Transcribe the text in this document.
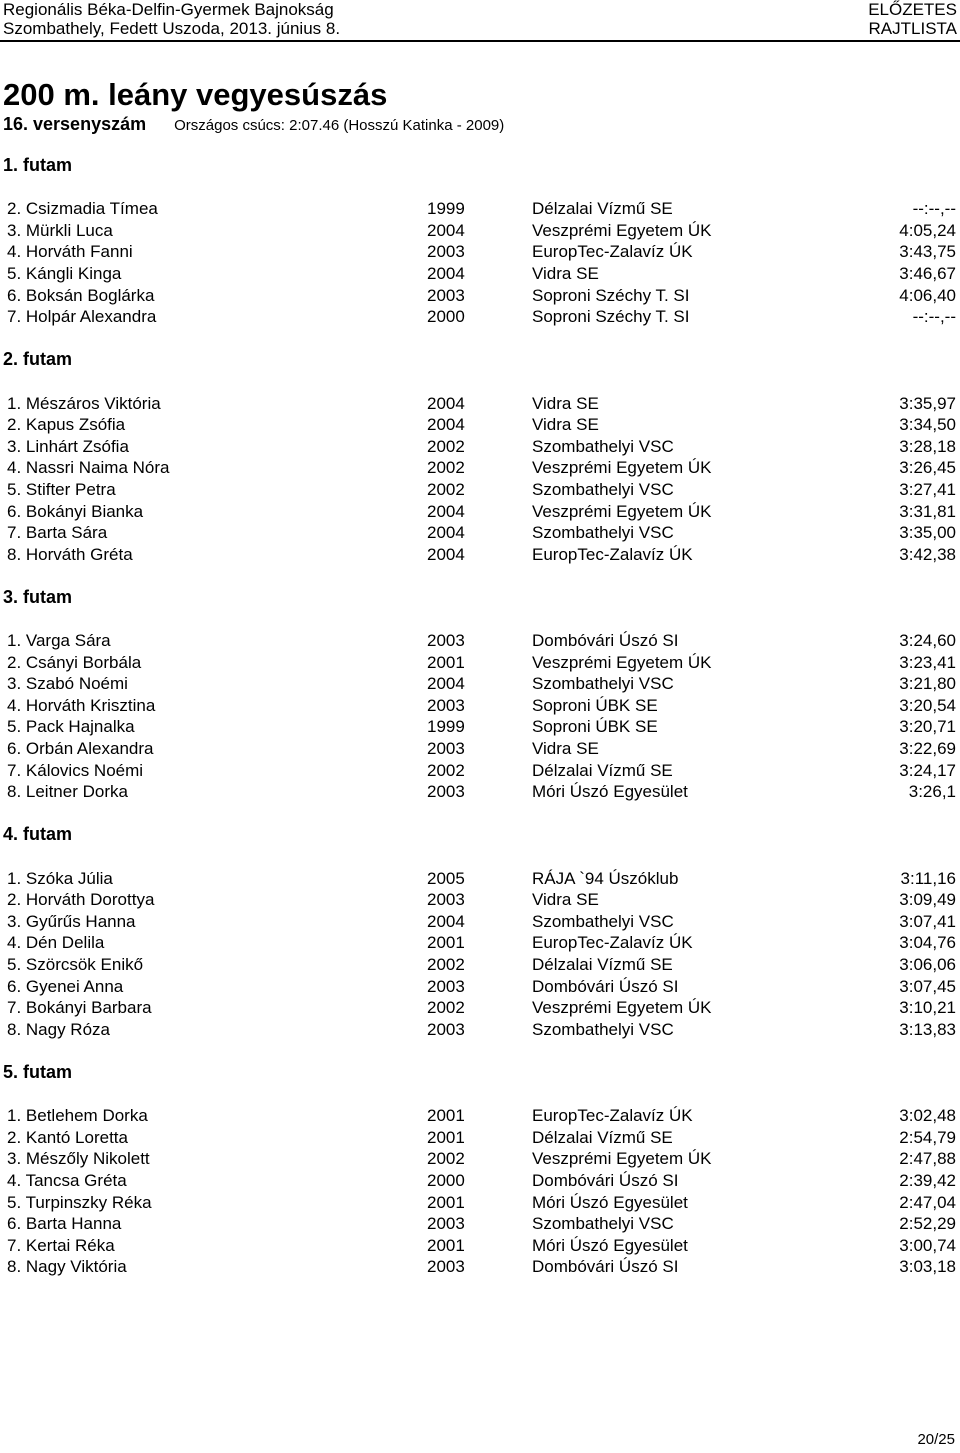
Regionális Béka-Delfin-Gyermek Bajnokság
Szombathely, Fedett Uszoda, 2013. június 8.
ELŐZETES
RAJTLISTA
200 m. leány vegyesúszás
16. versenyszám Országos csúcs: 2:07.46 (Hosszú Katinka - 2009)
1. futam
2. Csizmadia Tímea	1999	Délzalai Vízmű SE	--:--,--
3. Mürkli Luca	2004	Veszprémi Egyetem ÚK	4:05,24
4. Horváth Fanni	2003	EuropTec-Zalavíz ÚK	3:43,75
5. Kángli Kinga	2004	Vidra SE	3:46,67
6. Boksán Boglárka	2003	Soproni Széchy T. SI	4:06,40
7. Holpár Alexandra	2000	Soproni Széchy T. SI	--:--,--
2. futam
1. Mészáros Viktória	2004	Vidra SE	3:35,97
2. Kapus Zsófia	2004	Vidra SE	3:34,50
3. Linhárt Zsófia	2002	Szombathelyi VSC	3:28,18
4. Nassri Naima Nóra	2002	Veszprémi Egyetem ÚK	3:26,45
5. Stifter Petra	2002	Szombathelyi VSC	3:27,41
6. Bokányi Bianka	2004	Veszprémi Egyetem ÚK	3:31,81
7. Barta Sára	2004	Szombathelyi VSC	3:35,00
8. Horváth Gréta	2004	EuropTec-Zalavíz ÚK	3:42,38
3. futam
1. Varga Sára	2003	Dombóvári Úszó SI	3:24,60
2. Csányi Borbála	2001	Veszprémi Egyetem ÚK	3:23,41
3. Szabó Noémi	2004	Szombathelyi VSC	3:21,80
4. Horváth Krisztina	2003	Soproni ÚBK SE	3:20,54
5. Pack Hajnalka	1999	Soproni ÚBK SE	3:20,71
6. Orbán Alexandra	2003	Vidra SE	3:22,69
7. Kálovics Noémi	2002	Délzalai Vízmű SE	3:24,17
8. Leitner Dorka	2003	Móri Úszó Egyesület	3:26,1
4. futam
1. Szóka Júlia	2005	RÁJA `94 Úszóklub	3:11,16
2. Horváth Dorottya	2003	Vidra SE	3:09,49
3. Gyűrűs Hanna	2004	Szombathelyi VSC	3:07,41
4. Dén Delila	2001	EuropTec-Zalavíz ÚK	3:04,76
5. Szörcsök Enikő	2002	Délzalai Vízmű SE	3:06,06
6. Gyenei Anna	2003	Dombóvári Úszó SI	3:07,45
7. Bokányi Barbara	2002	Veszprémi Egyetem ÚK	3:10,21
8. Nagy Róza	2003	Szombathelyi VSC	3:13,83
5. futam
1. Betlehem Dorka	2001	EuropTec-Zalavíz ÚK	3:02,48
2. Kantó Loretta	2001	Délzalai Vízmű SE	2:54,79
3. Mészőly Nikolett	2002	Veszprémi Egyetem ÚK	2:47,88
4. Tancsa Gréta	2000	Dombóvári Úszó SI	2:39,42
5. Turpinszky Réka	2001	Móri Úszó Egyesület	2:47,04
6. Barta Hanna	2003	Szombathelyi VSC	2:52,29
7. Kertai Réka	2001	Móri Úszó Egyesület	3:00,74
8. Nagy Viktória	2003	Dombóvári Úszó SI	3:03,18
20/25
